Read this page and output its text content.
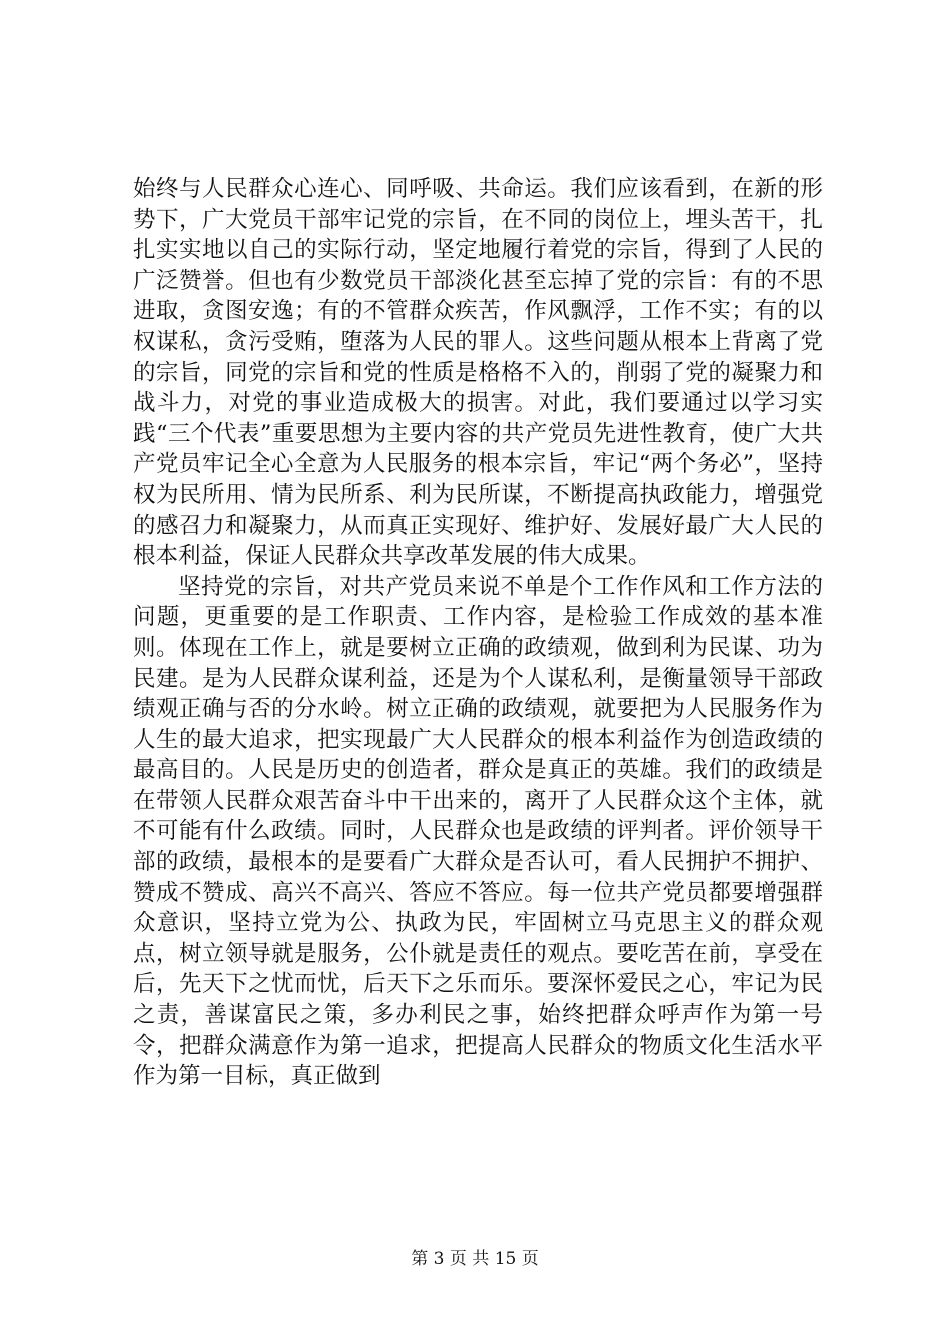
始终与人民群众心连心、同呼吸、共命运。我们应该看到，在新的形势下，广大党员干部牢记党的宗旨，在不同的岗位上，埋头苦干，扎扎实实地以自己的实际行动，坚定地履行着党的宗旨，得到了人民的广泛赞誉。但也有少数党员干部淡化甚至忘掉了党的宗旨：有的不思进取，贪图安逸；有的不管群众疾苦，作风飘浮，工作不实；有的以权谋私，贪污受贿，堕落为人民的罪人。这些问题从根本上背离了党的宗旨，同党的宗旨和党的性质是格格不入的，削弱了党的凝聚力和战斗力，对党的事业造成极大的损害。对此，我们要通过以学习实践“三个代表”重要思想为主要内容的共产党员先进性教育，使广大共产党员牢记全心全意为人民服务的根本宗旨，牢记“两个务必”，坚持权为民所用、情为民所系、利为民所谋，不断提高执政能力，增强党的感召力和凝聚力，从而真正实现好、维护好、发展好最广大人民的根本利益，保证人民群众共享改革发展的伟大成果。

坚持党的宗旨，对共产党员来说不单是个工作作风和工作方法的问题，更重要的是工作职责、工作内容，是检验工作成效的基本准则。体现在工作上，就是要树立正确的政绩观，做到利为民谋、功为民建。是为人民群众谋利益，还是为个人谋私利，是衡量领导干部政绩观正确与否的分水岭。树立正确的政绩观，就要把为人民服务作为人生的最大追求，把实现最广大人民群众的根本利益作为创造政绩的最高目的。人民是历史的创造者，群众是真正的英雄。我们的政绩是在带领人民群众艰苦奋斗中干出来的，离开了人民群众这个主体，就不可能有什么政绩。同时，人民群众也是政绩的评判者。评价领导干部的政绩，最根本的是要看广大群众是否认可，看人民拥护不拥护、赞成不赞成、高兴不高兴、答应不答应。每一位共产党员都要增强群众意识，坚持立党为公、执政为民，牢固树立马克思主义的群众观点，树立领导就是服务，公仆就是责任的观点。要吃苦在前，享受在后，先天下之忧而忧，后天下之乐而乐。要深怀爱民之心，牢记为民之责，善谋富民之策，多办利民之事，始终把群众呼声作为第一号令，把群众满意作为第一追求，把提高人民群众的物质文化生活水平作为第一目标，真正做到

第 3 页 共 15 页
